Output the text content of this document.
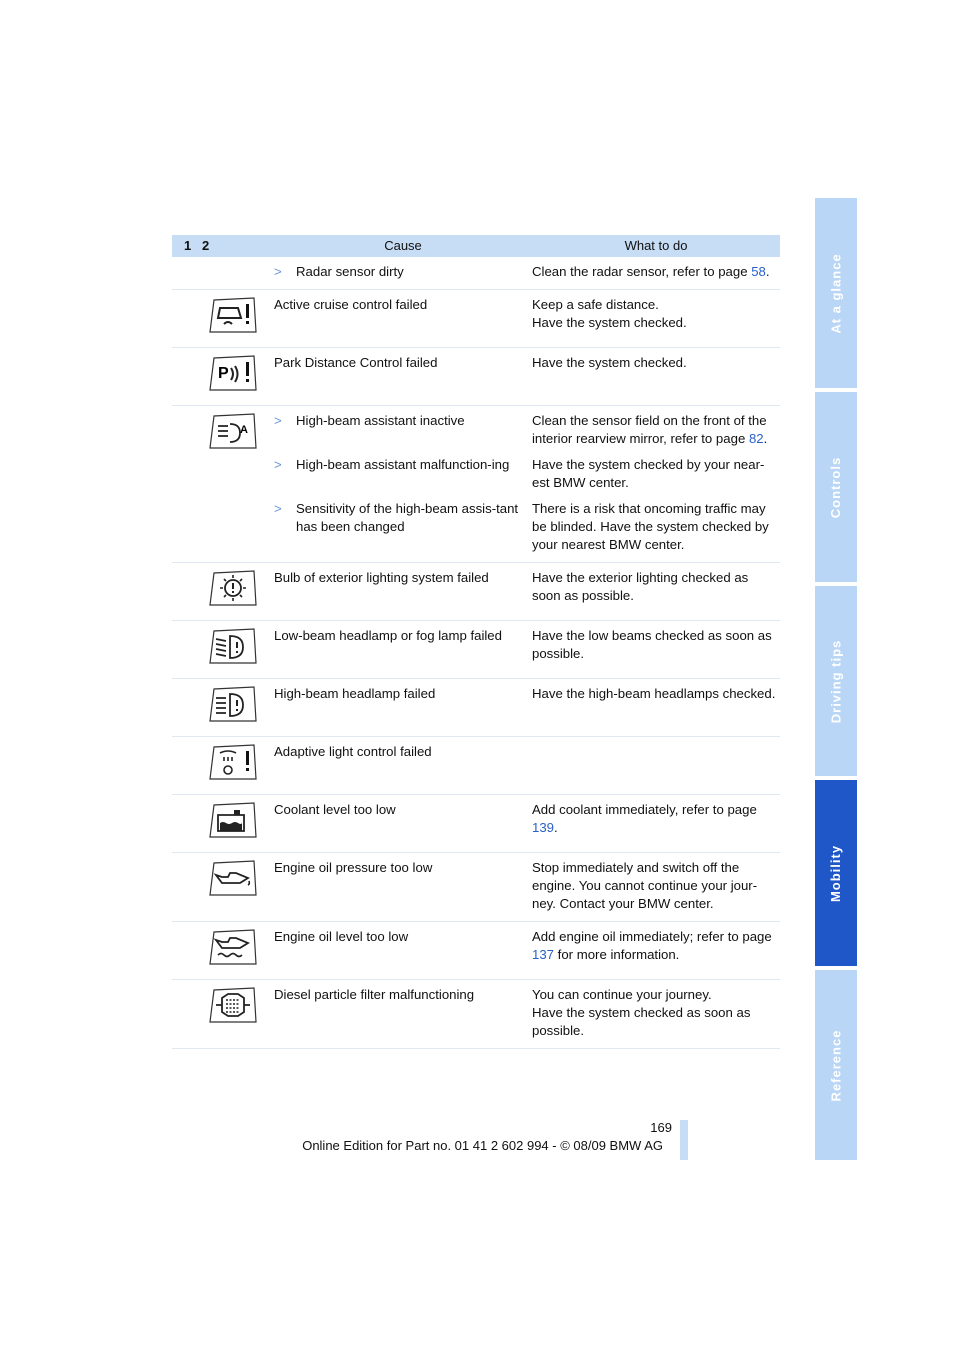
At a glance
Controls
Driving tips
Mobility
Reference
1	2	Cause	What to do

		> Radar sensor dirty	Clean the radar sensor, refer to page 58.
		Active cruise control failed	Keep a safe distance.
Have the system checked.

P	Park Distance Control failed	Have the system checked.

A	> High-beam assistant inactive	Clean the sensor field on the front of the interior rearview mirror, refer to page 82.

		> High-beam assistant malfunction-ing	Have the system checked by your near-est BMW center.

		> Sensitivity of the high-beam assis-tant has been changed	There is a risk that oncoming traffic may be blinded. Have the system checked by your nearest BMW center.
		Bulb of exterior lighting system failed	Have the exterior lighting checked as soon as possible.
		Low-beam headlamp or fog lamp failed	Have the low beams checked as soon as possible.
		High-beam headlamp failed	Have the high-beam headlamps checked.
		Adaptive light control failed	
		Coolant level too low	Add coolant immediately, refer to page 139.
		Engine oil pressure too low	Stop immediately and switch off the engine. You cannot continue your jour-ney. Contact your BMW center.
		Engine oil level too low	Add engine oil immediately; refer to page 137 for more information.
		Diesel particle filter malfunctioning	You can continue your journey.
Have the system checked as soon as possible.
169
Online Edition for Part no. 01 41 2 602 994 - © 08/09 BMW AG
